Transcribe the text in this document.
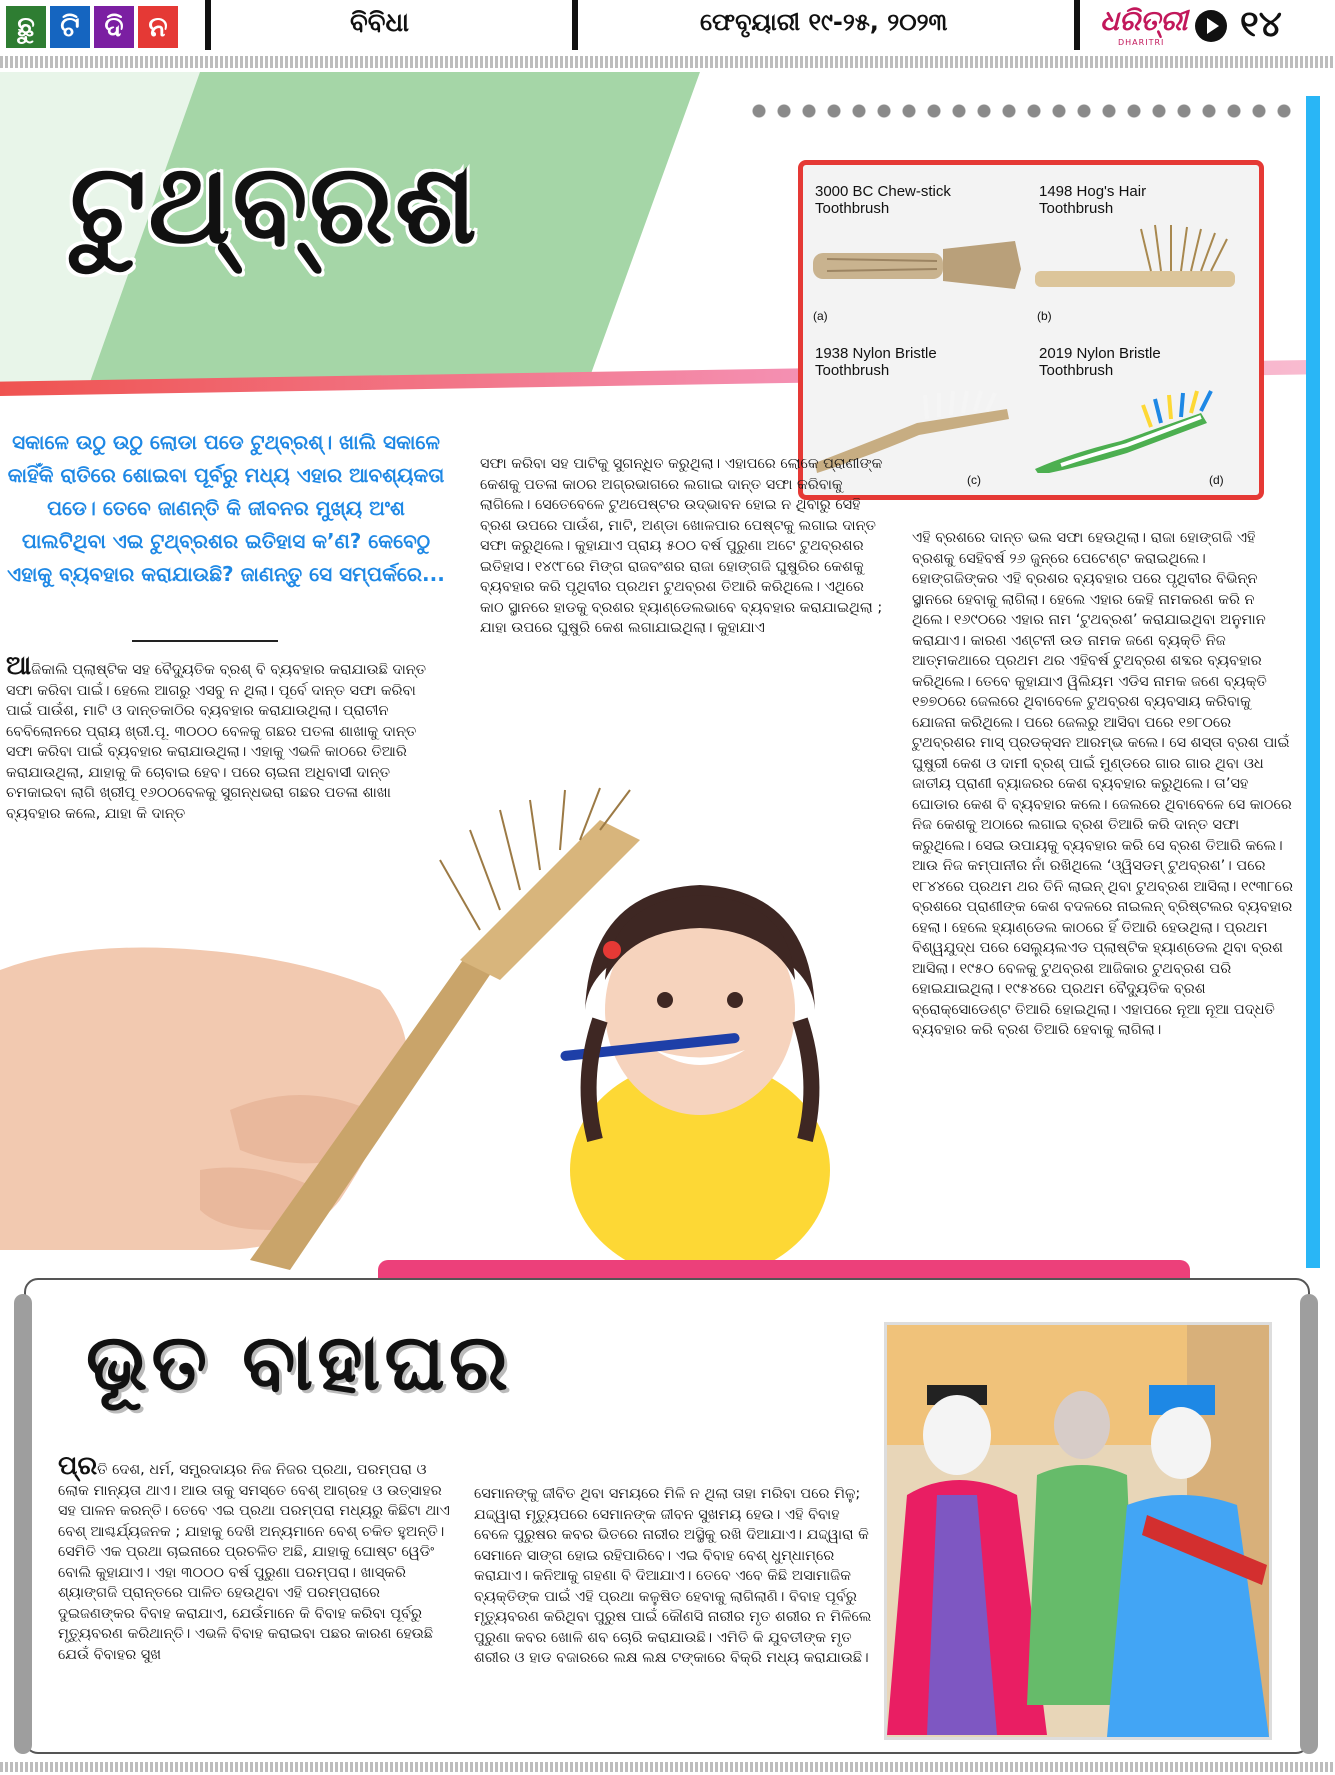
ଛୁ ଟି ଦି ନ	ବିବିଧା	ଫେବୃୟାରୀ ୧୯-୨୫, ୨୦୨୩	ଧରିତ୍ରୀ
DHARITRI ୧୪
ଟୁଥ୍‌ବ୍ରଶ	3000 BC Chew-stick
Toothbrush
(a)
1498 Hog's Hair
Toothbrush
(b)
1938 Nylon Bristle
Toothbrush
(c)
2019 Nylon Bristle
Toothbrush
(d)
ସକାଳେ ଉଠୁ ଉଠୁ ଲୋଡା ପଡେ ଟୁଥ୍‌ବ୍ରଶ୍‌। ଖାଲି ସକାଳେ କାହିଁକି ରାତିରେ ଶୋଇବା ପୂର୍ବରୁ ମଧ୍ୟ ଏହାର ଆବଶ୍ୟକତା ପଡେ। ତେବେ ଜାଣନ୍ତି କି ଜୀବନର ମୁଖ୍ୟ ଅଂଶ ପାଲଟିଥିବା ଏଇ ଟୁଥ୍‌ବ୍ରଶର ଇତିହାସ କ’ଣ? କେବେଠୁ ଏହାକୁ ବ୍ୟବହାର କରାଯାଉଛି? ଜାଣନ୍ତୁ ସେ ସମ୍ପର୍କରେ...
ଆଜିକାଲି ପ୍ଲାଷ୍ଟିକ ସହ ବୈଦ୍ୟୁତିକ ବ୍ରଶ୍‌ ବି ବ୍ୟବହାର କରାଯାଉଛି ଦାନ୍ତ ସଫା କରିବା ପାଇଁ। ହେଲେ ଆଗରୁ ଏସବୁ ନ ଥିଲା। ପୂର୍ବେ ଦାନ୍ତ ସଫା କରିବା ପାଇଁ ପାଉଁଶ, ମାଟି ଓ ଦାନ୍ତକାଠିର ବ୍ୟବହାର କରାଯାଉଥିଲା। ପ୍ରାଚୀନ ବେବିଲୋନରେ ପ୍ରାୟ ଖ୍ରୀ.ପୂ. ୩୦୦୦ ବେଳକୁ ଗଛର ପତଳା ଶାଖାକୁ ଦାନ୍ତ ସଫା କରିବା ପାଇଁ ବ୍ୟବହାର କରାଯାଉଥିଲା। ଏହାକୁ ଏଭଳି କାଠରେ ତିଆରି କରାଯାଉଥିଲା, ଯାହାକୁ କି ଚୋବାଇ ହେବ। ପରେ ଚାଇନା ଅଧିବାସୀ ଦାନ୍ତ ଚମକାଇବା ଲାଗି ଖ୍ରୀପୂ ୧୬୦୦ବେଳକୁ ସୁଗନ୍ଧଭରା ଗଛର ପତଳା ଶାଖା ବ୍ୟବହାର କଲେ, ଯାହା କି ଦାନ୍ତ
ସଫା କରିବା ସହ ପାଟିକୁ ସୁଗନ୍ଧିତ କରୁଥିଲା। ଏହାପରେ ଲୋକେ ପ୍ରାଣୀଙ୍କ କେଶକୁ ପତଳା କାଠର ଅଗ୍ରଭାଗରେ ଲଗାଇ ଦାନ୍ତ ସଫା କରିବାକୁ ଲାଗିଲେ। ସେତେବେଳେ ଟୁଥପେଷ୍ଟର ଉଦ୍ଭାବନ ହୋଇ ନ ଥିବାରୁ ସେହି ବ୍ରଶ ଉପରେ ପାଉଁଶ, ମାଟି, ଅଣ୍ଡା ଖୋଳପାର ପେଷ୍ଟକୁ ଲଗାଇ ଦାନ୍ତ ସଫା କରୁଥିଲେ। କୁହାଯାଏ ପ୍ରାୟ ୫୦୦ ବର୍ଷ ପୁରୁଣା ଅଟେ ଟୁଥବ୍ରଶର ଇତିହାସ। ୧୪୯୮ରେ ମିଙ୍ଗ ରାଜବଂଶର ରାଜା ହୋଙ୍ଗଜି ଘୁଷୁରିର କେଶକୁ ବ୍ୟବହାର କରି ପୃଥିବୀର ପ୍ରଥମ ଟୁଥବ୍ରଶ ତିଆରି କରିଥିଲେ। ଏଥିରେ କାଠ ସ୍ଥାନରେ ହାଡକୁ ବ୍ରଶର ହ୍ୟାଣ୍ଡେଲଭାବେ ବ୍ୟବହାର କରାଯାଇଥିଲା ; ଯାହା ଉପରେ ଘୁଷୁରି କେଶ ଲଗାଯାଇଥିଲା। କୁହାଯାଏ
ଏହି ବ୍ରଶରେ ଦାନ୍ତ ଭଲ ସଫା ହେଉଥିଲା। ରାଜା ହୋଙ୍ଗଜି ଏହି ବ୍ରଶକୁ ସେହିବର୍ଷ ୨୬ ଜୁନ୍‌ରେ ପେଟେଣ୍ଟ କରାଇଥିଲେ। ହୋଙ୍ଗଜିଙ୍କର ଏହି ବ୍ରଶର ବ୍ୟବହାର ପରେ ପୃଥିବୀର ବିଭିନ୍ନ ସ୍ଥାନରେ ହେବାକୁ ଲାଗିଲା। ହେଲେ ଏହାର କେହି ନାମକରଣ କରି ନ ଥିଲେ। ୧୬୯୦ରେ ଏହାର ନାମ ‘ଟୁଥବ୍ରଶ’ କରାଯାଇଥିବା ଅନୁମାନ କରାଯାଏ। କାରଣ ଏଣ୍ଟନୀ ଉଡ ନାମକ ଜଣେ ବ୍ୟକ୍ତି ନିଜ ଆତ୍ମକଥାରେ ପ୍ରଥମ ଥର ଏହିବର୍ଷ ଟୁଥବ୍ରଶ ଶବ୍ଦର ବ୍ୟବହାର କରିଥିଲେ। ତେବେ କୁହାଯାଏ ୱିଲିୟମ ଏଡିସ ନାମକ ଜଣେ ବ୍ୟକ୍ତି ୧୭୭୦ରେ ଜେଲରେ ଥିବାବେଳେ ଟୁଥବ୍ରଶ ବ୍ୟବସାୟ କରିବାକୁ ଯୋଜନା କରିଥିଲେ। ପରେ ଜେଲରୁ ଆସିବା ପରେ ୧୭୮୦ରେ ଟୁଥବ୍ରଶର ମାସ୍ ପ୍ରଡକ୍ସନ ଆରମ୍ଭ କଲେ। ସେ ଶସ୍ତା ବ୍ରଶ ପାଇଁ ଘୁଷୁରୀ କେଶ ଓ ଦାମୀ ବ୍ରଶ୍‌ ପାଇଁ ମୁଣ୍ଡରେ ଗାର ଗାର ଥିବା ଓଧ ଜାତୀୟ ପ୍ରାଣୀ ବ୍ୟାଜରର କେଶ ବ୍ୟବହାର କରୁଥିଲେ। ତା’ସହ ଘୋଡାର କେଶ ବି ବ୍ୟବହାର କଲେ। ଜେଲରେ ଥିବାବେଳେ ସେ କାଠରେ ନିଜ କେଶକୁ ଅଠାରେ ଲଗାଇ ବ୍ରଶ ତିଆରି କରି ଦାନ୍ତ ସଫା କରୁଥିଲେ। ସେଇ ଉପାୟକୁ ବ୍ୟବହାର କରି ସେ ବ୍ରଶ ତିଆରି କଲେ। ଆଉ ନିଜ କମ୍ପାନୀର ନାଁ ରଖିଥିଲେ ‘ଓ୍ୱିସଡମ୍ ଟୁଥବ୍ରଶ’। ପରେ ୧୮୪୪ରେ ପ୍ରଥମ ଥର ତିନି ଲାଇନ୍ ଥିବା ଟୁଥବ୍ରଶ ଆସିଲା। ୧୯୩୮ରେ ବ୍ରଶରେ ପ୍ରାଣୀଙ୍କ କେଶ ବଦଳରେ ନାଇଲନ୍ ବ୍ରିଷ୍ଟଲର ବ୍ୟବହାର ହେଲା। ହେଲେ ହ୍ୟାଣ୍ଡେଲ କାଠରେ ହିଁ ତିଆରି ହେଉଥିଲା। ପ୍ରଥମ ବିଶ୍ୱଯୁଦ୍ଧ ପରେ ସେଲ୍ୟୁଲଏଡ ପ୍ଲାଷ୍ଟିକ ହ୍ୟାଣ୍ଡେଲ ଥିବା ବ୍ରଶ ଆସିଲା। ୧୯୫୦ ବେଳକୁ ଟୁଥବ୍ରଶ ଆଜିକାର ଟୁଥବ୍ରଶ ପରି ହୋଇଯାଇଥିଲା। ୧୯୫୪ରେ ପ୍ରଥମ ବୈଦ୍ୟୁତିକ ବ୍ରଶ ବ୍ରୋକ୍ସୋଡେଣ୍ଟ ତିଆରି ହୋଇଥିଲା। ଏହାପରେ ନୂଆ ନୂଆ ପଦ୍ଧତି ବ୍ୟବହାର କରି ବ୍ରଶ ତିଆରି ହେବାକୁ ଲାଗିଲା।
ଭୂତ ବାହାଘର
ପ୍ରତି ଦେଶ, ଧର୍ମ, ସମ୍ପ୍ରଦାୟର ନିଜ ନିଜର ପ୍ରଥା, ପରମ୍ପରା ଓ ଲୋକ ମାନ୍ୟତା ଥାଏ। ଆଉ ତାକୁ ସମସ୍ତେ ବେଶ୍‌ ଆଗ୍ରହ ଓ ଉତ୍ସାହର ସହ ପାଳନ କରନ୍ତି। ତେବେ ଏଇ ପ୍ରଥା ପରମ୍ପରା ମଧ୍ୟରୁ କିଛିଟା ଥାଏ ବେଶ୍‌ ଆଶ୍ଚର୍ଯ୍ୟଜନକ ; ଯାହାକୁ ଦେଖି ଅନ୍ୟମାନେ ବେଶ୍‌ ଚକିତ ହୁଅନ୍ତି। ସେମିତି ଏକ ପ୍ରଥା ଚାଇନାରେ ପ୍ରଚଳିତ ଅଛି, ଯାହାକୁ ଘୋଷ୍ଟ ୱେଡିଂ ବୋଲି କୁହାଯାଏ। ଏହା ୩୦୦୦ ବର୍ଷ ପୁରୁଣା ପରମ୍ପରା। ଖାସ୍‌କରି ଶ୍ୟାଙ୍ଗଜି ପ୍ରାନ୍ତରେ ପାଳିତ ହେଉଥିବା ଏହି ପରମ୍ପରାରେ ଦୁଇଜଣଙ୍କର ବିବାହ କରାଯାଏ, ଯେଉଁମାନେ କି ବିବାହ କରିବା ପୂର୍ବରୁ ମୃତ୍ୟୁବରଣ କରିଥାନ୍ତି। ଏଭଳି ବିବାହ କରାଇବା ପଛର କାରଣ ହେଉଛି ଯେଉଁ ବିବାହର ସୁଖ
ସେମାନଙ୍କୁ ଜୀବିତ ଥିବା ସମୟରେ ମିଳି ନ ଥିଲା ତାହା ମରିବା ପରେ ମିଳୁ; ଯଦ୍ଦ୍ୱାରା ମୃତ୍ୟୁପରେ ସେମାନଙ୍କ ଜୀବନ ସୁଖମୟ ହେଉ। ଏହି ବିବାହ ବେଳେ ପୁରୁଷର କବର ଭିତରେ ନାରୀର ଅସ୍ଥିକୁ ରଖି ଦିଆଯାଏ। ଯଦ୍ଦ୍ୱାରା କି ସେମାନେ ସାଙ୍ଗ ହୋଇ ରହିପାରିବେ। ଏଇ ବିବାହ ବେଶ୍‌ ଧୁମ୍‌ଧାମ୍‌ରେ କରାଯାଏ। କନିଆକୁ ଗହଣା ବି ଦିଆଯାଏ। ତେବେ ଏବେ କିଛି ଅସାମାଜିକ ବ୍ୟକ୍ତିଙ୍କ ପାଇଁ ଏହି ପ୍ରଥା କଳୁଷିତ ହେବାକୁ ଲାଗିଲାଣି। ବିବାହ ପୂର୍ବରୁ ମୃତ୍ୟୁବରଣ କରିଥିବା ପୁରୁଷ ପାଇଁ କୌଣସି ନାରୀର ମୃତ ଶରୀର ନ ମିଳିଲେ ପୁରୁଣା କବର ଖୋଳି ଶବ ଚୋରି କରାଯାଉଛି। ଏମିତି କି ଯୁବତୀଙ୍କ ମୃତ ଶରୀର ଓ ହାଡ ବଜାରରେ ଲକ୍ଷ ଲକ୍ଷ ଟଙ୍କାରେ ବିକ୍ରି ମଧ୍ୟ କରାଯାଉଛି।
